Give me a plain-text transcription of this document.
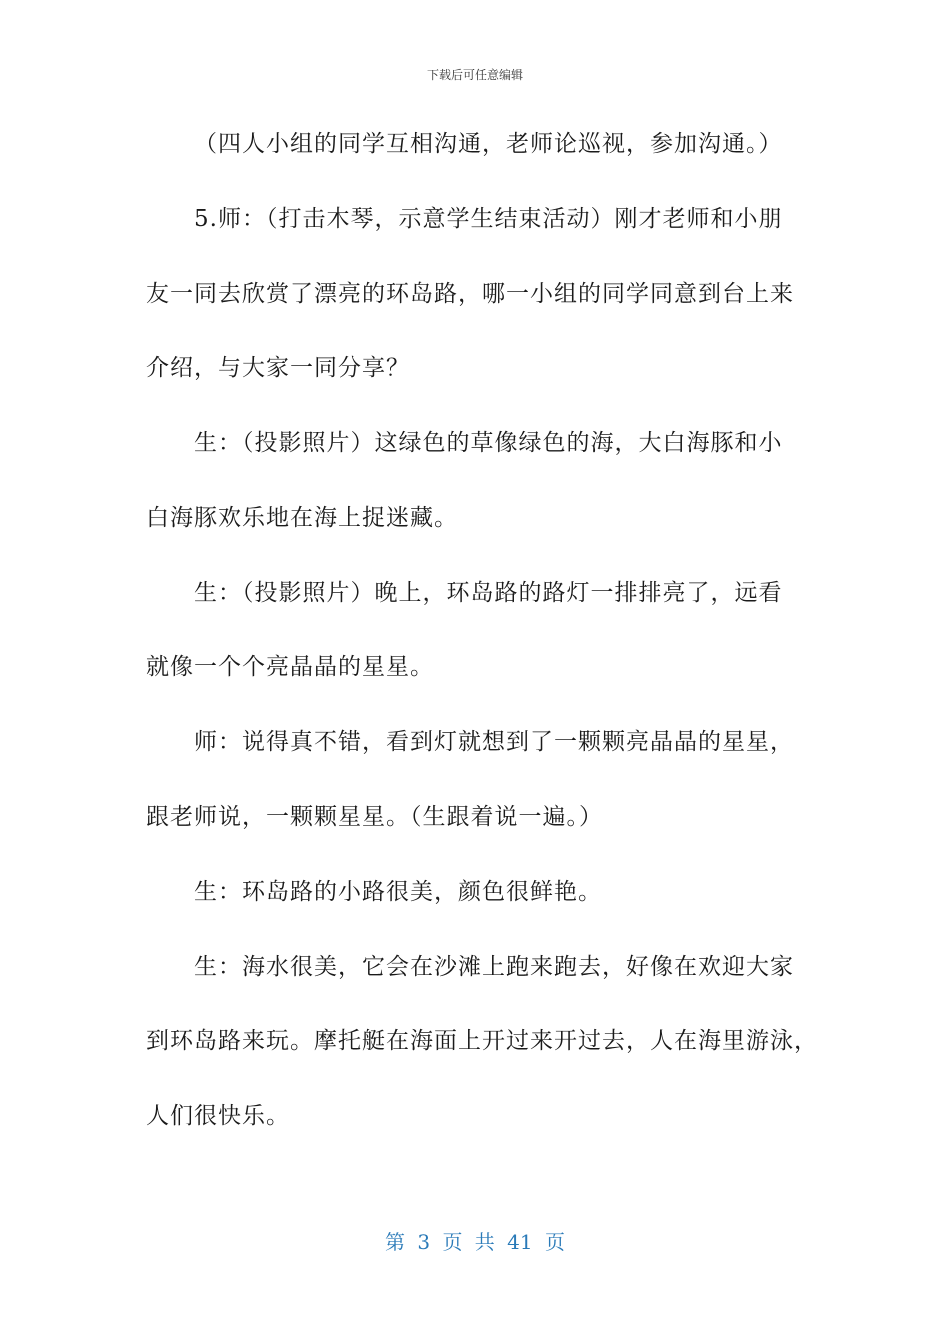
下载后可任意编辑
（四人小组的同学互相沟通，老师论巡视，参加沟通。）
5.师：（打击木琴，示意学生结束活动）刚才老师和小朋
友一同去欣赏了漂亮的环岛路，哪一小组的同学同意到台上来
介绍，与大家一同分享？
生：（投影照片）这绿色的草像绿色的海，大白海豚和小
白海豚欢乐地在海上捉迷藏。
生：（投影照片）晚上，环岛路的路灯一排排亮了，远看
就像一个个亮晶晶的星星。
师：说得真不错，看到灯就想到了一颗颗亮晶晶的星星，
跟老师说，一颗颗星星。（生跟着说一遍。）
生：环岛路的小路很美，颜色很鲜艳。
生：海水很美，它会在沙滩上跑来跑去，好像在欢迎大家
到环岛路来玩。摩托艇在海面上开过来开过去，人在海里游泳，
人们很快乐。
第 3 页 共 41 页
